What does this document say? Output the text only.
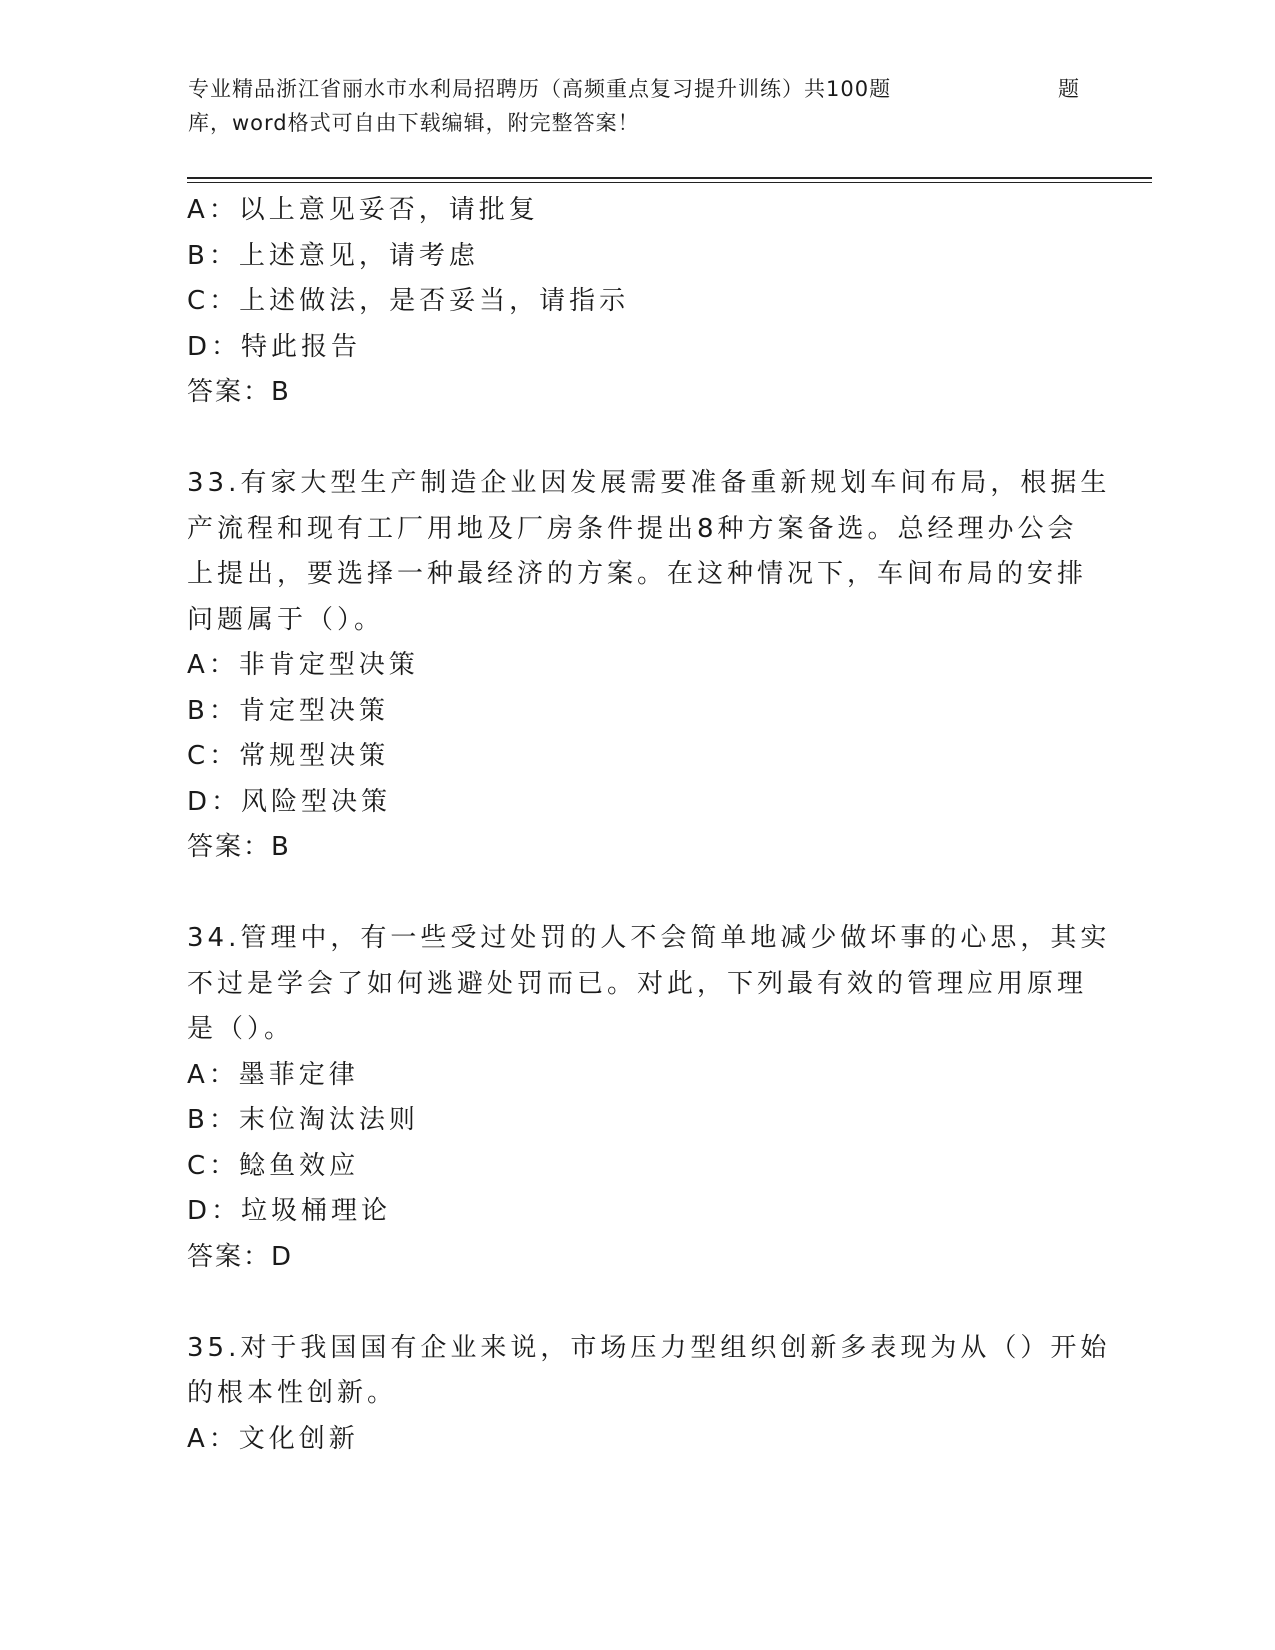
专业精品浙江省丽水市水利局招聘历（高频重点复习提升训练）共100题	题
库，word格式可自由下载编辑，附完整答案！
A：以上意见妥否，请批复
B：上述意见，请考虑
C：上述做法，是否妥当，请指示
D：特此报告
答案：B
33.有家大型生产制造企业因发展需要准备重新规划车间布局，根据生
产流程和现有工厂用地及厂房条件提出8种方案备选。总经理办公会
上提出，要选择一种最经济的方案。在这种情况下，车间布局的安排
问题属于（）。
A：非肯定型决策
B：肯定型决策
C：常规型决策
D：风险型决策
答案：B
34.管理中，有一些受过处罚的人不会简单地减少做坏事的心思，其实
不过是学会了如何逃避处罚而已。对此，下列最有效的管理应用原理
是（）。
A：墨菲定律
B：末位淘汰法则
C：鲶鱼效应
D：垃圾桶理论
答案：D
35.对于我国国有企业来说，市场压力型组织创新多表现为从（）开始
的根本性创新。
A：文化创新
